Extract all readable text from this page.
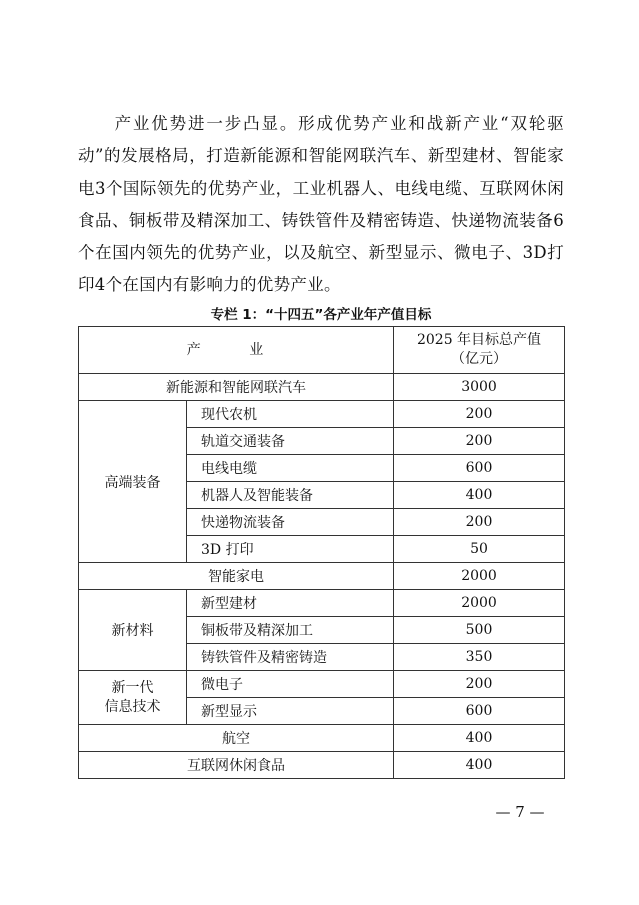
产业优势进一步凸显。形成优势产业和战新产业“双轮驱动”的发展格局，打造新能源和智能网联汽车、新型建材、智能家电3个国际领先的优势产业，工业机器人、电线电缆、互联网休闲食品、铜板带及精深加工、铸铁管件及精密铸造、快递物流装备6个在国内领先的优势产业，以及航空、新型显示、微电子、3D打印4个在国内有影响力的优势产业。

专栏 1：“十四五”各产业年产值目标

产 业		2025 年目标总产值
（亿元）
新能源和智能网联汽车		3000
高端装备	现代农机	200
	轨道交通装备	200
	电线电缆	600
	机器人及智能装备	400
	快递物流装备	200
	3D 打印	50
智能家电		2000
新材料	新型建材	2000
	铜板带及精深加工	500
	铸铁管件及精密铸造	350
新一代
信息技术	微电子	200
	新型显示	600
航空		400
互联网休闲食品		400
— 7 —
